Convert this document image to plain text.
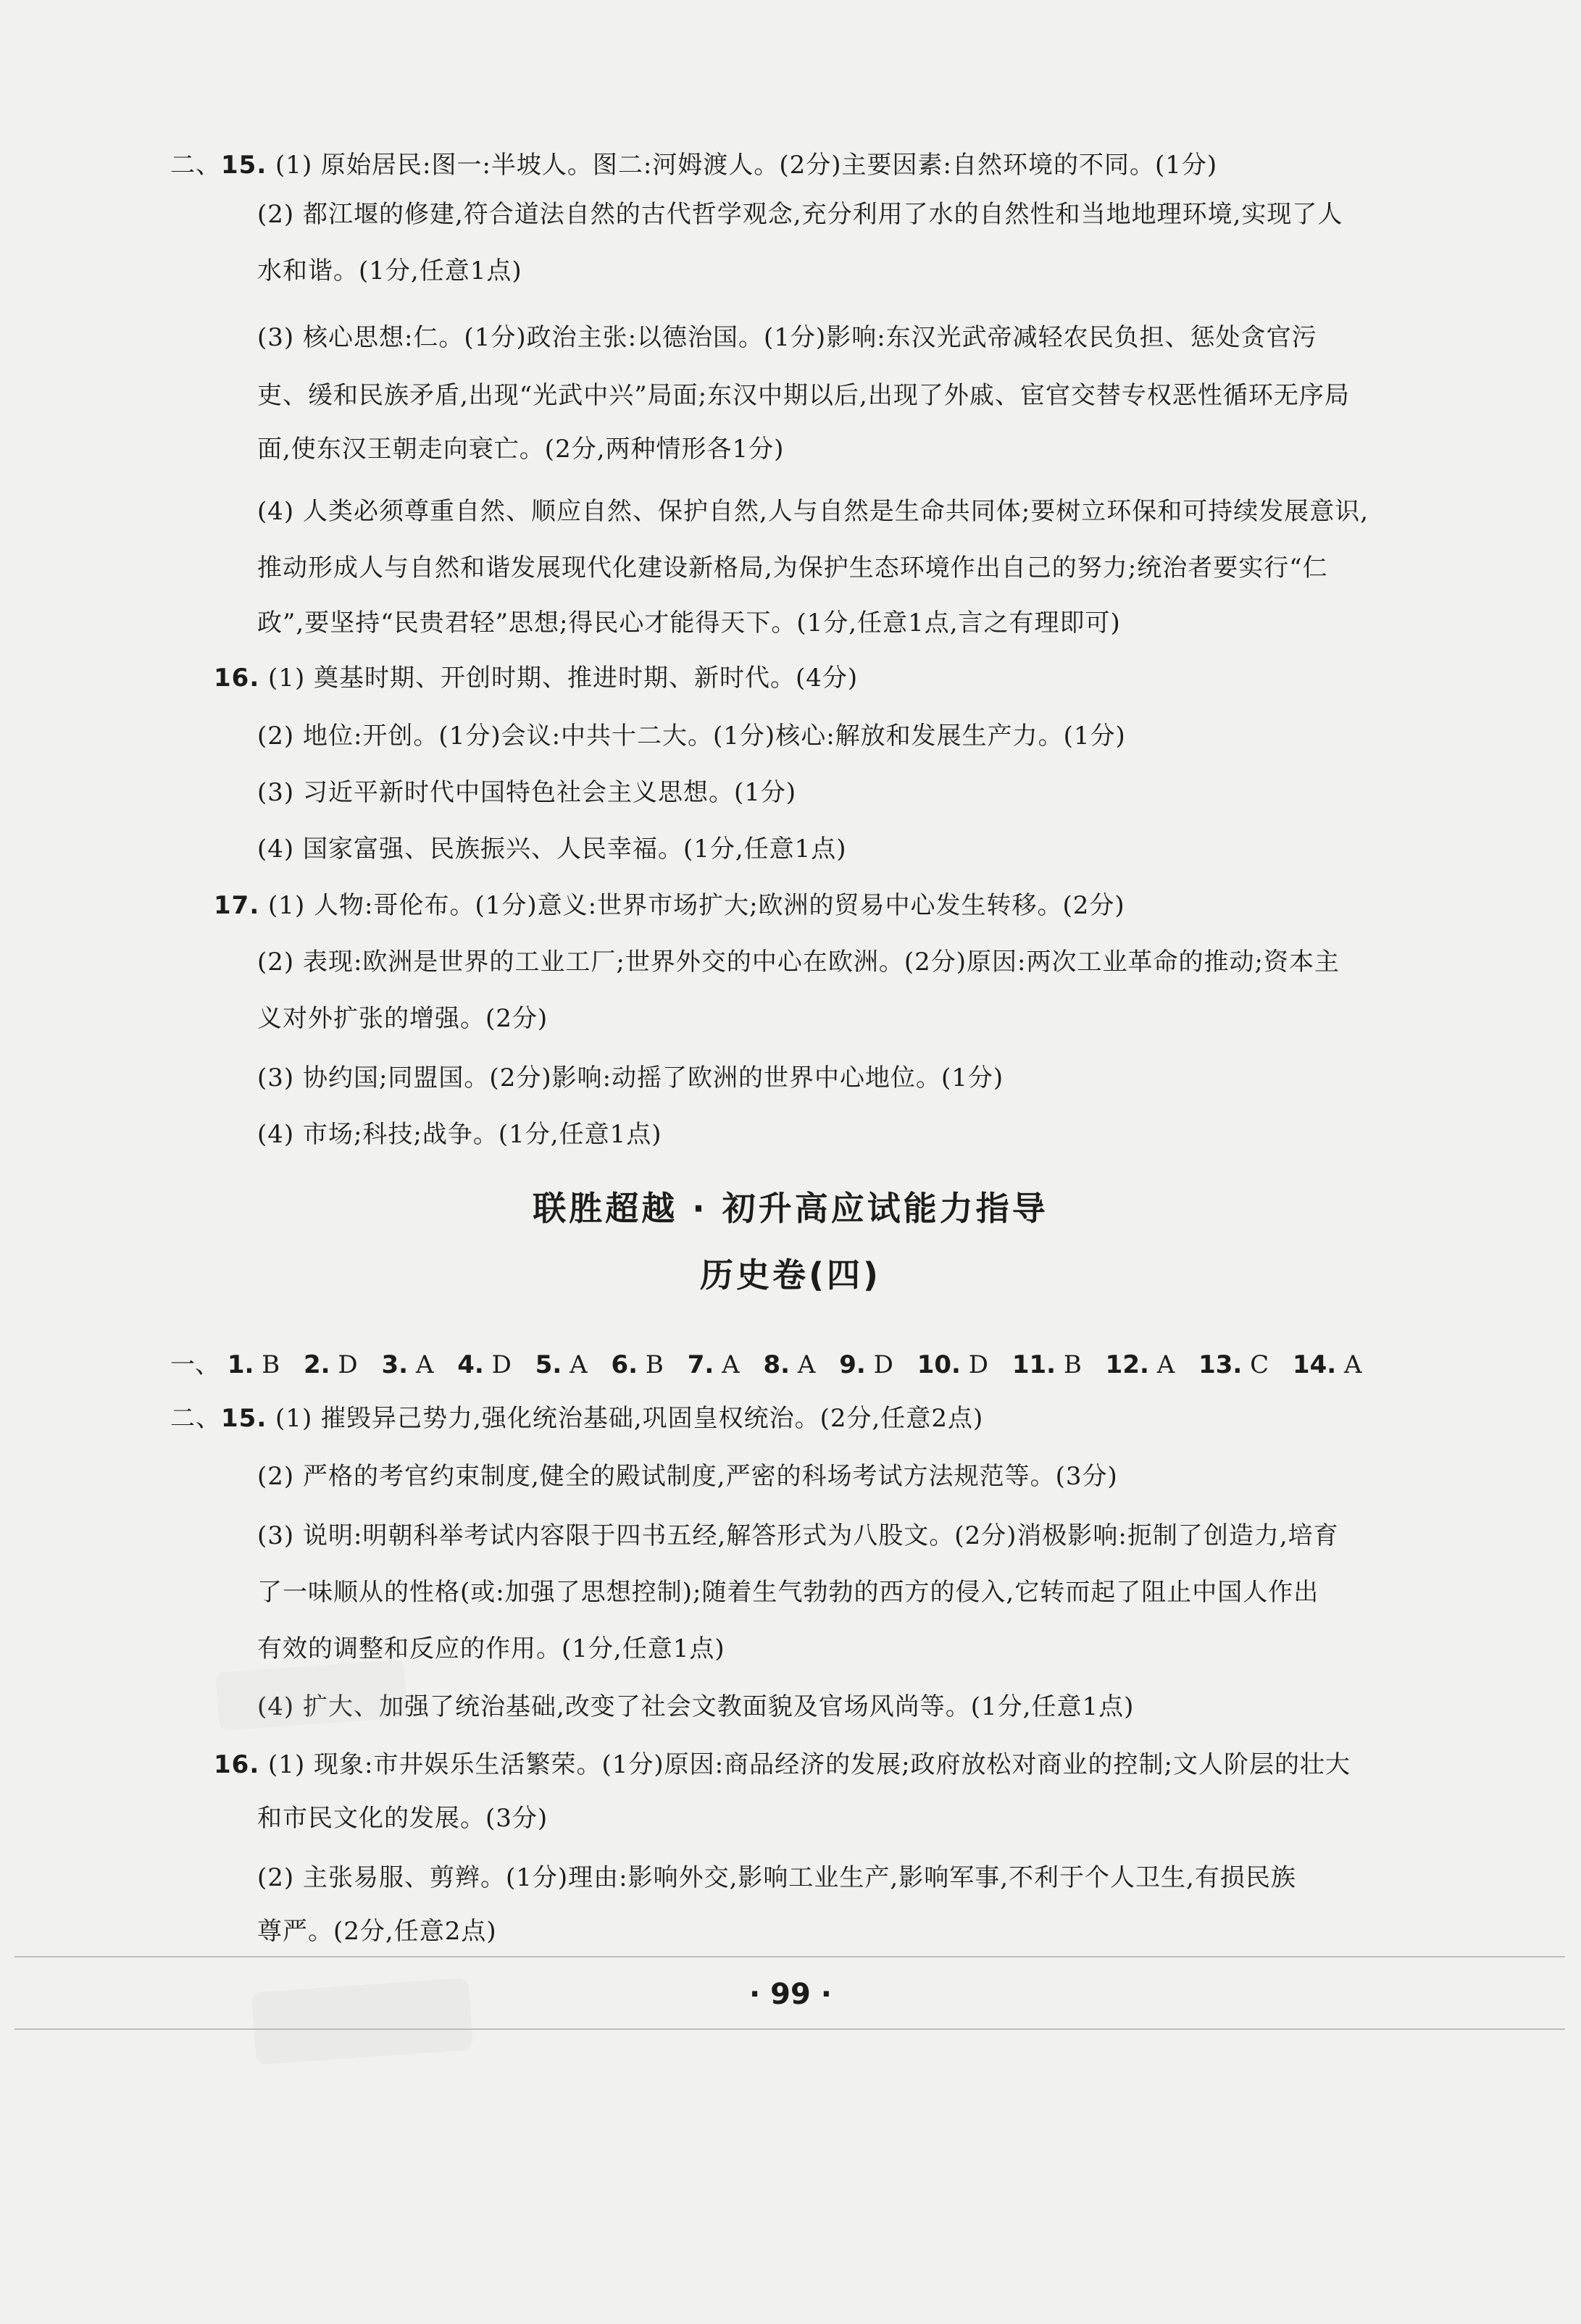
二、15. (1) 原始居民:图一:半坡人。图二:河姆渡人。(2分)主要因素:自然环境的不同。(1分)
(2) 都江堰的修建,符合道法自然的古代哲学观念,充分利用了水的自然性和当地地理环境,实现了人
水和谐。(1分,任意1点)
(3) 核心思想:仁。(1分)政治主张:以德治国。(1分)影响:东汉光武帝减轻农民负担、惩处贪官污
吏、缓和民族矛盾,出现“光武中兴”局面;东汉中期以后,出现了外戚、宦官交替专权恶性循环无序局
面,使东汉王朝走向衰亡。(2分,两种情形各1分)
(4) 人类必须尊重自然、顺应自然、保护自然,人与自然是生命共同体;要树立环保和可持续发展意识,
推动形成人与自然和谐发展现代化建设新格局,为保护生态环境作出自己的努力;统治者要实行“仁
政”,要坚持“民贵君轻”思想;得民心才能得天下。(1分,任意1点,言之有理即可)
16. (1) 奠基时期、开创时期、推进时期、新时代。(4分)
(2) 地位:开创。(1分)会议:中共十二大。(1分)核心:解放和发展生产力。(1分)
(3) 习近平新时代中国特色社会主义思想。(1分)
(4) 国家富强、民族振兴、人民幸福。(1分,任意1点)
17. (1) 人物:哥伦布。(1分)意义:世界市场扩大;欧洲的贸易中心发生转移。(2分)
(2) 表现:欧洲是世界的工业工厂;世界外交的中心在欧洲。(2分)原因:两次工业革命的推动;资本主
义对外扩张的增强。(2分)
(3) 协约国;同盟国。(2分)影响:动摇了欧洲的世界中心地位。(1分)
(4) 市场;科技;战争。(1分,任意1点)
联胜超越 · 初升高应试能力指导
历史卷(四)
一、 1. B 2. D 3. A 4. D 5. A 6. B 7. A 8. A 9. D 10. D 11. B 12. A 13. C 14. A
二、15. (1) 摧毁异己势力,强化统治基础,巩固皇权统治。(2分,任意2点)
(2) 严格的考官约束制度,健全的殿试制度,严密的科场考试方法规范等。(3分)
(3) 说明:明朝科举考试内容限于四书五经,解答形式为八股文。(2分)消极影响:扼制了创造力,培育
了一味顺从的性格(或:加强了思想控制);随着生气勃勃的西方的侵入,它转而起了阻止中国人作出
有效的调整和反应的作用。(1分,任意1点)
(4) 扩大、加强了统治基础,改变了社会文教面貌及官场风尚等。(1分,任意1点)
16. (1) 现象:市井娱乐生活繁荣。(1分)原因:商品经济的发展;政府放松对商业的控制;文人阶层的壮大
和市民文化的发展。(3分)
(2) 主张易服、剪辫。(1分)理由:影响外交,影响工业生产,影响军事,不利于个人卫生,有损民族
尊严。(2分,任意2点)
· 99 ·
